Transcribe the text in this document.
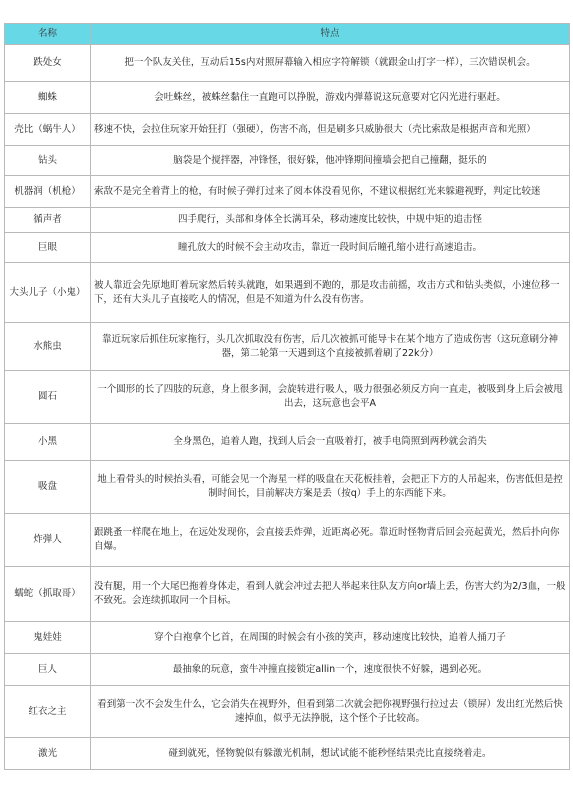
名称	特点
跌处女	把一个队友关住，互动后15s内对照屏幕输入相应字符解锁（就跟金山打字一样），三次错误机会。
蜘蛛	会吐蛛丝，被蛛丝黏住一直跑可以挣脱，游戏内弹幕说这玩意要对它闪光进行驱赶。
壳比（蜗牛人）	移速不快，会拉住玩家开始狂打（强硬），伤害不高，但是刷多只威胁很大（壳比索敌是根据声音和光照）
钻头	脑袋是个搅拌器，冲锋怪，很好躲，他冲锋期间撞墙会把自己撞翻，挺乐的
机器润（机枪）	索敌不是完全着背上的枪，有时候子弹打过来了阅本体没看见你，不建议根据红光来躲避视野，判定比较迷
循声者	四手爬行，头部和身体全长满耳朵，移动速度比较快，中规中矩的追击怪
巨眼	瞳孔放大的时候不会主动攻击，靠近一段时间后瞳孔缩小进行高速追击。
大头儿子（小鬼）	被人靠近会先原地盯着玩家然后转头就跑，如果遇到不跑的，那是攻击前摇，攻击方式和钻头类似，小速位移一下，还有大头儿子直接吃人的情况，但是不知道为什么没有伤害。
水熊虫	靠近玩家后抓住玩家拖行，头几次抓取没有伤害，后几次被抓可能导卡在某个地方了造成伤害（这玩意刷分神器，第二轮第一天遇到这个直接被抓着刷了22k分）
圆石	一个圆形的长了四肢的玩意，身上很多洞，会旋转进行吸人，吸力很强必须反方向一直走，被吸到身上后会被甩出去，这玩意也会平A
小黑	全身黑色，追着人跑，找到人后会一直吸着打，被手电筒照到两秒就会消失
吸盘	地上看骨头的时候抬头看，可能会见一个海星一样的吸盘在天花板挂着，会把正下方的人吊起来，伤害低但是控制时间长，目前解决方案是丢（按q）手上的东西能下来。
炸弹人	跟跳蚤一样爬在地上，在远处发现你，会直接丢炸弹，近距离必死。靠近时怪物背后回会亮起黄光，然后扑向你自爆。
蠕蛇（抓取哥）	没有腿，用一个大尾巴拖着身体走，看到人就会冲过去把人举起来往队友方向or墙上丢，伤害大约为2/3血，一般不致死。会连续抓取同一个目标。
鬼娃娃	穿个白袍拿个匕首，在周围的时候会有小孩的笑声，移动速度比较快，追着人捅刀子
巨人	最抽象的玩意，蛮牛冲撞直接锁定allin一个，速度很快不好躲，遇到必死。
红衣之主	看到第一次不会发生什么，它会消失在视野外，但看到第二次就会把你视野强行拉过去（锁屏）发出红光然后快速掉血，似乎无法挣脱，这个怪个子比较高。
激光	碰到就死，怪物貌似有躲激光机制，想试试能不能秒怪结果壳比直接绕着走。
